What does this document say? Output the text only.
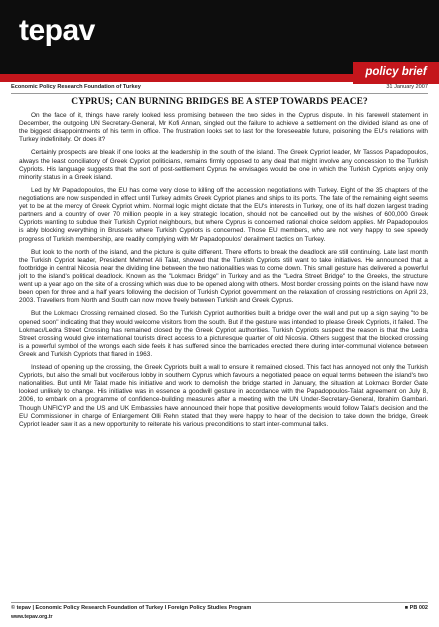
tepav
policy brief
Economic Policy Research Foundation of Turkey	31 January 2007
CYPRUS; CAN BURNING BRIDGES BE A STEP TOWARDS PEACE?

On the face of it, things have rarely looked less promising between the two sides in the Cyprus dispute. In his farewell statement in December, the outgoing UN Secretary-General, Mr Kofi Annan, singled out the failure to achieve a settlement on the divided island as one of the biggest disappointments of his term in office. The frustration looks set to last for the foreseeable future, poisoning the EU's relations with Turkey indefinitely. Or does it?

Certainly prospects are bleak if one looks at the leadership in the south of the island. The Greek Cypriot leader, Mr Tassos Papadopoulos, always the least conciliatory of Greek Cypriot politicians, remains firmly opposed to any deal that might involve any concession to the Turkish Cypriots. His language suggests that the sort of post-settlement Cyprus he envisages would be one in which the Turkish Cypriots enjoy only minority status in a Greek island.

Led by Mr Papadopoulos, the EU has come very close to killing off the accession negotiations with Turkey. Eight of the 35 chapters of the negotiations are now suspended in effect until Turkey admits Greek Cypriot planes and ships to its ports. The fate of the remaining eight seems yet to be at the mercy of Greek Cypriot whim. Normal logic might dictate that the EU's interests in Turkey, one of its half dozen largest trading partners and a country of over 70 million people in a key strategic location, should not be cancelled out by the wishes of 600,000 Greek Cypriots wanting to subdue their Turkish Cypriot neighbours, but where Cyprus is concerned rational choice seldom applies. Mr Papadopoulos is ably blocking everything in Brussels where Turkish Cypriots is concerned. Those EU members, who are not very happy to see speedy progress of Turkish membership, are readily complying with Mr Papadopoulos' derailment tactics on Turkey.

But look to the north of the island, and the picture is quite different. There efforts to break the deadlock are still continuing. Late last month the Turkish Cypriot leader, President Mehmet Ali Talat, showed that the Turkish Cypriots still want to take initiatives. He announced that a footbridge in central Nicosia near the dividing line between the two nationalities was to come down. This small gesture has delivered a powerful jolt to the island's political deadlock. Known as the "Lokmacı Bridge" in Turkey and as the "Ledra Street Bridge" to the Greeks, the structure went up a year ago on the site of a crossing which was due to be opened along with others. Most border crossing points on the island have now been open for three and a half years following the decision of Turkish Cypriot government on the relaxation of crossing restrictions on April 23, 2003. Travellers from North and South can now move freely between Turkish and Greek Cyprus.

But the Lokmacı Crossing remained closed. So the Turkish Cypriot authorities built a bridge over the wall and put up a sign saying "to be opened soon" indicating that they would welcome visitors from the south. But if the gesture was intended to please Greek Cypriots, it failed. The Lokmacı/Ledra Street Crossing has remained closed by the Greek Cypriot authorities. Turkish Cypriots suspect the reason is that the Ledra Street crossing would give international tourists direct access to a picturesque quarter of old Nicosia. Others suggest that the blocked crossing is a powerful symbol of the wrongs each side feels it has suffered since the barricades erected there during inter-communal violence between Greek and Turkish Cypriots that flared in 1963.

Instead of opening up the crossing, the Greek Cypriots built a wall to ensure it remained closed. This fact has annoyed not only the Turkish Cypriots, but also the small but vociferous lobby in southern Cyprus which favours a negotiated peace on equal terms between the island's two nationalities. But until Mr Talat made his initiative and work to demolish the bridge started in January, the situation at Lokmacı Border Gate looked unlikely to change. His initiative was in essence a goodwill gesture in accordance with the Papadopoulos-Talat agreement on July 8, 2006, to embark on a programme of confidence-building measures after a meeting with the UN Under-Secretary-General, Ibrahim Gambari. Though UNFICYP and the US and UK Embassies have announced their hope that positive developments would follow Talat's decision and the EU Commissioner in charge of Enlargement Olli Rehn stated that they were happy to hear of the decision to take down the bridge, Greek Cypriot leader saw it as a new opportunity to reiterate his various preconditions to start inter-communal talks.

© tepav | Economic Policy Research Foundation of Turkey I Foreign Policy Studies Program	■ PB 002
www.tepav.org.tr
